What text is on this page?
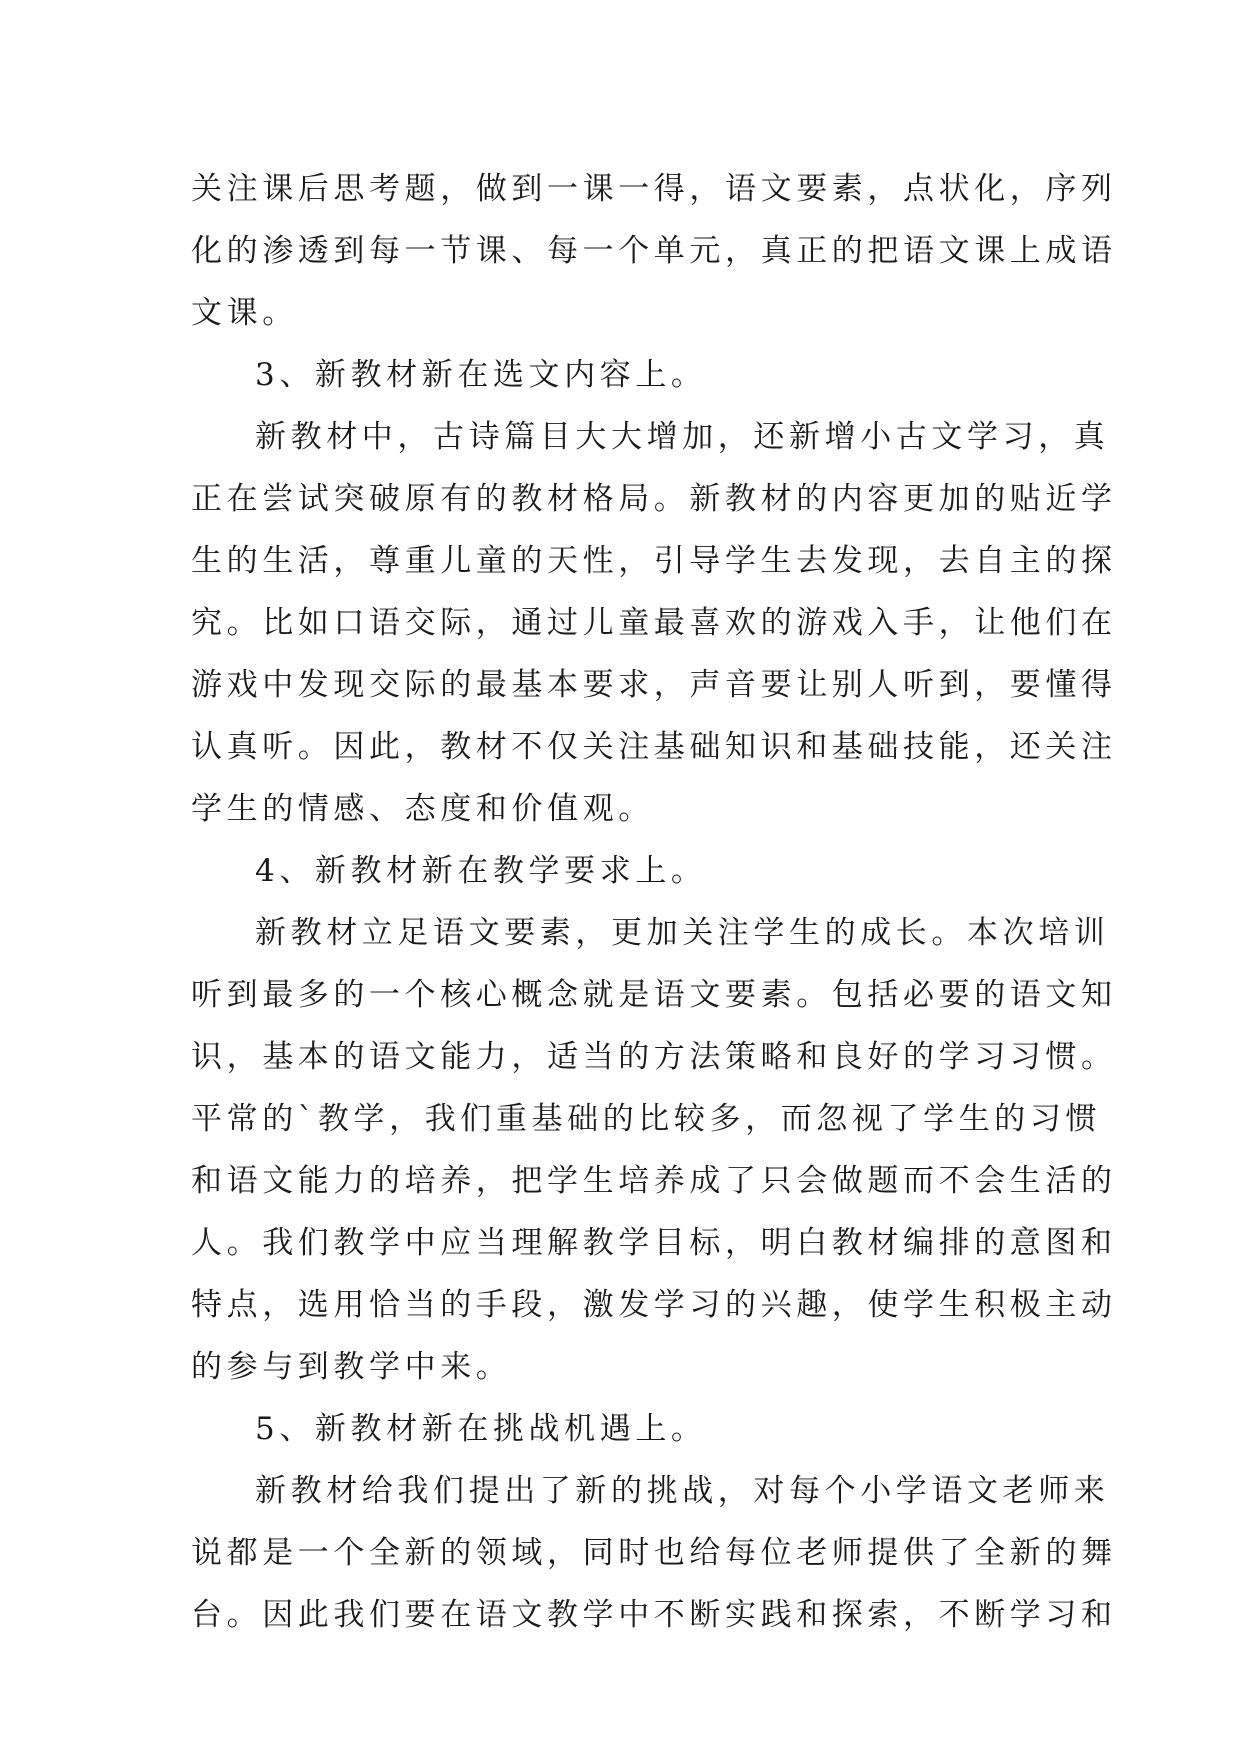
关注课后思考题，做到一课一得，语文要素，点状化，序列
化的渗透到每一节课、每一个单元，真正的把语文课上成语
文课。
3、新教材新在选文内容上。
新教材中，古诗篇目大大增加，还新增小古文学习，真
正在尝试突破原有的教材格局。新教材的内容更加的贴近学
生的生活，尊重儿童的天性，引导学生去发现，去自主的探
究。比如口语交际，通过儿童最喜欢的游戏入手，让他们在
游戏中发现交际的最基本要求，声音要让别人听到，要懂得
认真听。因此，教材不仅关注基础知识和基础技能，还关注
学生的情感、态度和价值观。
4、新教材新在教学要求上。
新教材立足语文要素，更加关注学生的成长。本次培训
听到最多的一个核心概念就是语文要素。包括必要的语文知
识，基本的语文能力，适当的方法策略和良好的学习习惯。
平常的`教学，我们重基础的比较多，而忽视了学生的习惯
和语文能力的培养，把学生培养成了只会做题而不会生活的
人。我们教学中应当理解教学目标，明白教材编排的意图和
特点，选用恰当的手段，激发学习的兴趣，使学生积极主动
的参与到教学中来。
5、新教材新在挑战机遇上。
新教材给我们提出了新的挑战，对每个小学语文老师来
说都是一个全新的领域，同时也给每位老师提供了全新的舞
台。因此我们要在语文教学中不断实践和探索，不断学习和
